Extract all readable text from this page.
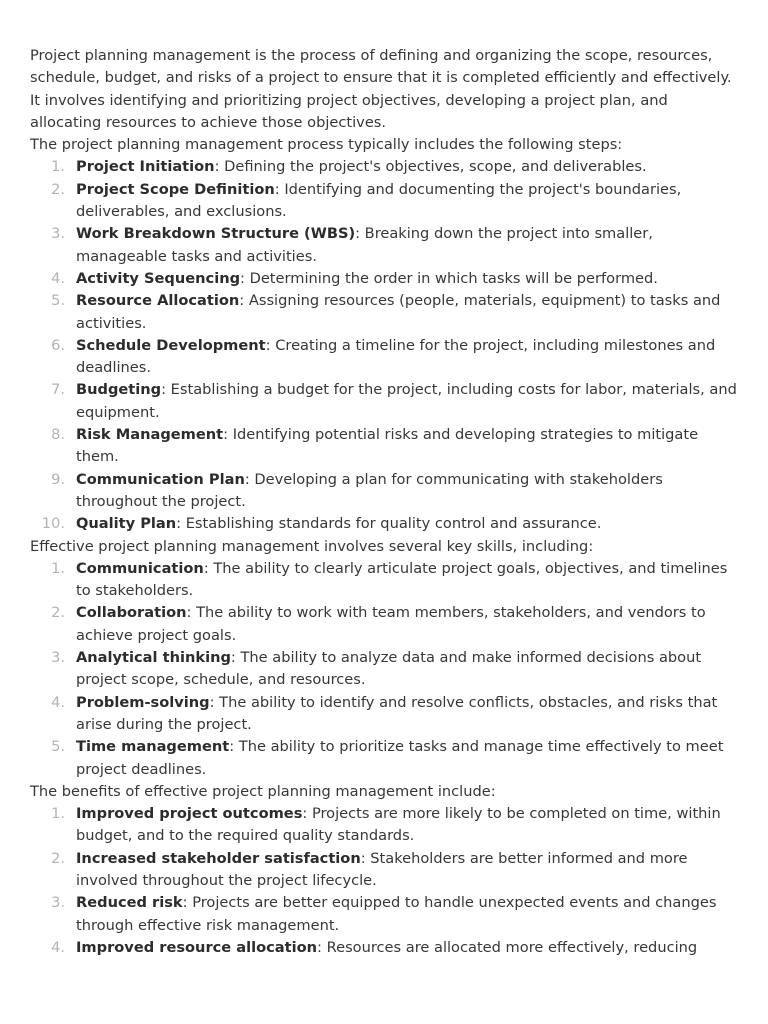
Project planning management is the process of defining and organizing the scope, resources, schedule, budget, and risks of a project to ensure that it is completed efficiently and effectively. It involves identifying and prioritizing project objectives, developing a project plan, and allocating resources to achieve those objectives.

The project planning management process typically includes the following steps:

1. Project Initiation: Defining the project's objectives, scope, and deliverables.
2. Project Scope Definition: Identifying and documenting the project's boundaries, deliverables, and exclusions.
3. Work Breakdown Structure (WBS): Breaking down the project into smaller, manageable tasks and activities.
4. Activity Sequencing: Determining the order in which tasks will be performed.
5. Resource Allocation: Assigning resources (people, materials, equipment) to tasks and activities.
6. Schedule Development: Creating a timeline for the project, including milestones and deadlines.
7. Budgeting: Establishing a budget for the project, including costs for labor, materials, and equipment.
8. Risk Management: Identifying potential risks and developing strategies to mitigate them.
9. Communication Plan: Developing a plan for communicating with stakeholders throughout the project.
10. Quality Plan: Establishing standards for quality control and assurance.

Effective project planning management involves several key skills, including:

1. Communication: The ability to clearly articulate project goals, objectives, and timelines to stakeholders.
2. Collaboration: The ability to work with team members, stakeholders, and vendors to achieve project goals.
3. Analytical thinking: The ability to analyze data and make informed decisions about project scope, schedule, and resources.
4. Problem-solving: The ability to identify and resolve conflicts, obstacles, and risks that arise during the project.
5. Time management: The ability to prioritize tasks and manage time effectively to meet project deadlines.

The benefits of effective project planning management include:

1. Improved project outcomes: Projects are more likely to be completed on time, within budget, and to the required quality standards.
2. Increased stakeholder satisfaction: Stakeholders are better informed and more involved throughout the project lifecycle.
3. Reduced risk: Projects are better equipped to handle unexpected events and changes through effective risk management.
4. Improved resource allocation: Resources are allocated more effectively, reducing
